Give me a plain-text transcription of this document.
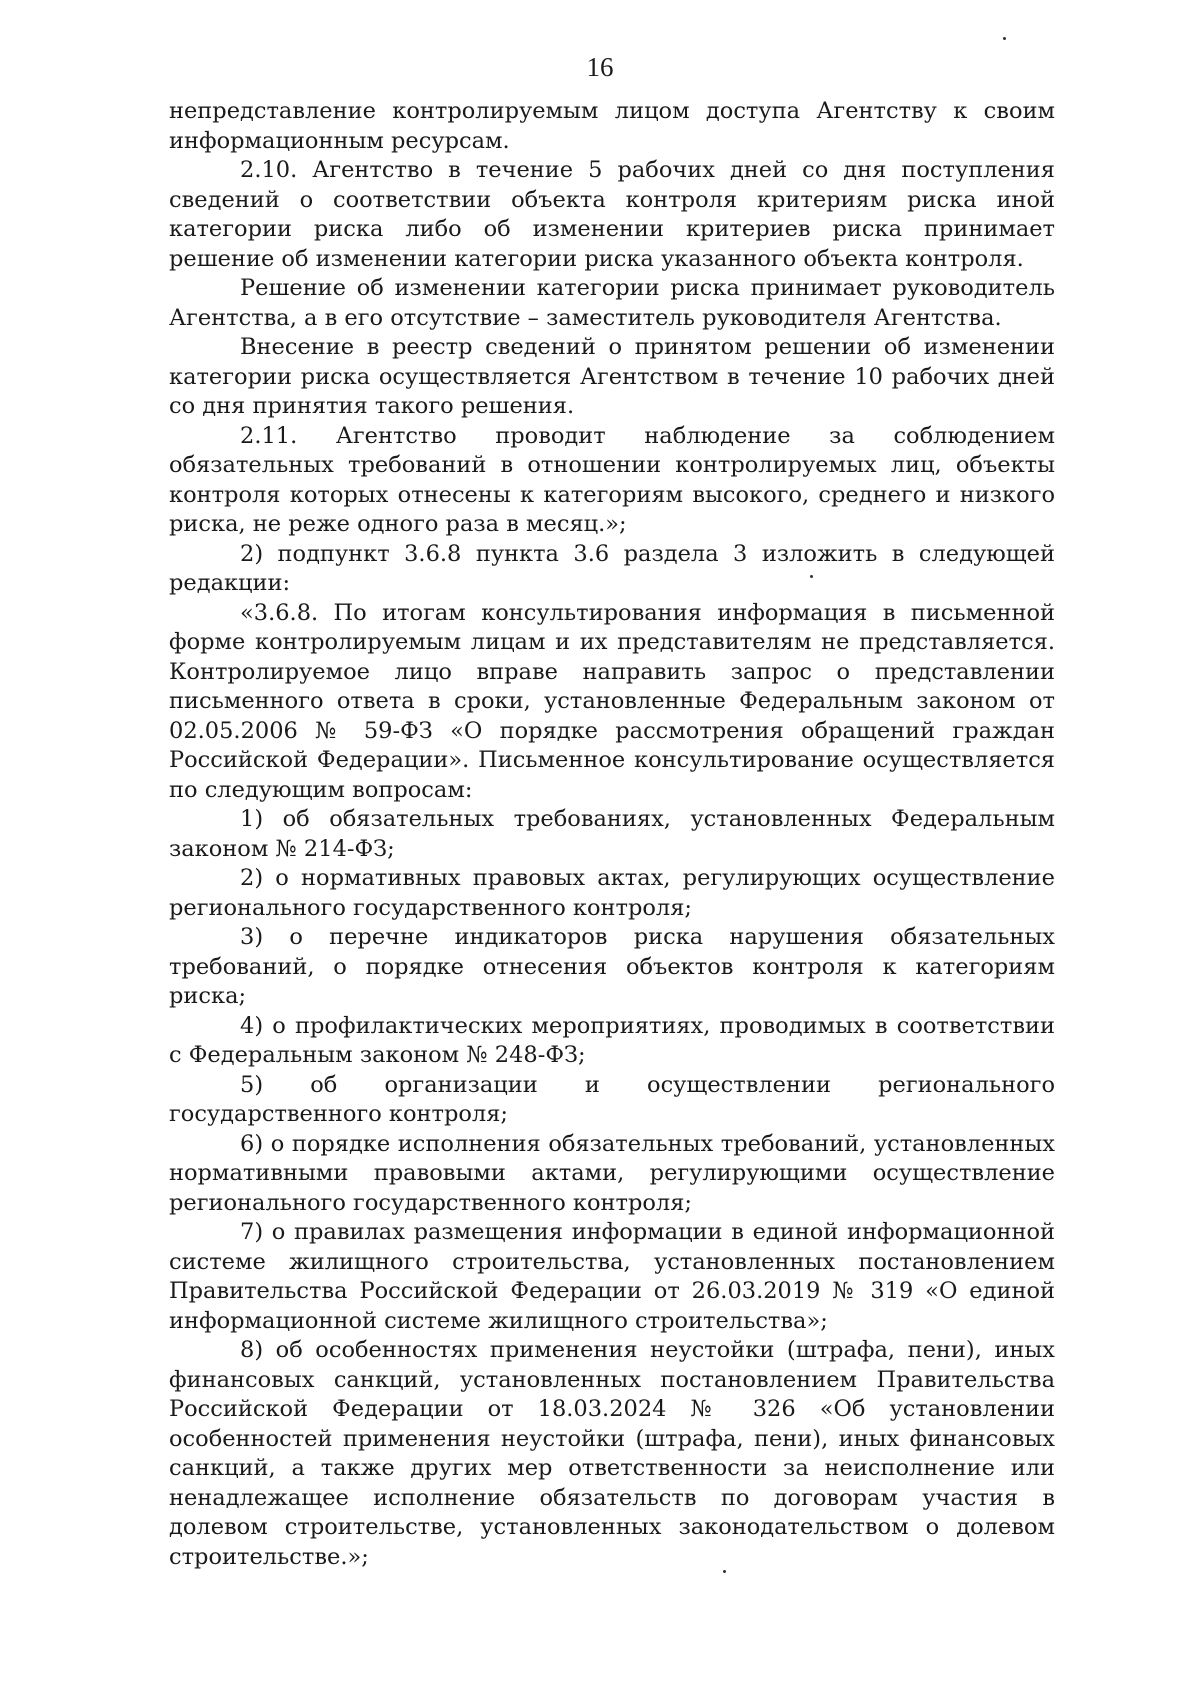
16

непредставление контролируемым лицом доступа Агентству к своим информационным ресурсам.

2.10. Агентство в течение 5 рабочих дней со дня поступления сведений о соответствии объекта контроля критериям риска иной категории риска либо об изменении критериев риска принимает решение об изменении категории риска указанного объекта контроля.

Решение об изменении категории риска принимает руководитель Агентства, а в его отсутствие – заместитель руководителя Агентства.

Внесение в реестр сведений о принятом решении об изменении категории риска осуществляется Агентством в течение 10 рабочих дней со дня принятия такого решения.

2.11. Агентство проводит наблюдение за соблюдением обязательных требований в отношении контролируемых лиц, объекты контроля которых отнесены к категориям высокого, среднего и низкого риска, не реже одного раза в месяц.»;

2) подпункт 3.6.8 пункта 3.6 раздела 3 изложить в следующей редакции:

«3.6.8. По итогам консультирования информация в письменной форме контролируемым лицам и их представителям не представляется. Контролируемое лицо вправе направить запрос о представлении письменного ответа в сроки, установленные Федеральным законом от 02.05.2006 № 59-ФЗ «О порядке рассмотрения обращений граждан Российской Федерации». Письменное консультирование осуществляется по следующим вопросам:

1) об обязательных требованиях, установленных Федеральным законом № 214-ФЗ;

2) о нормативных правовых актах, регулирующих осуществление регионального государственного контроля;

3) о перечне индикаторов риска нарушения обязательных требований, о порядке отнесения объектов контроля к категориям риска;

4) о профилактических мероприятиях, проводимых в соответствии с Федеральным законом № 248-ФЗ;

5) об организации и осуществлении регионального государственного контроля;

6) о порядке исполнения обязательных требований, установленных нормативными правовыми актами, регулирующими осуществление регионального государственного контроля;

7) о правилах размещения информации в единой информационной системе жилищного строительства, установленных постановлением Правительства Российской Федерации от 26.03.2019 № 319 «О единой информационной системе жилищного строительства»;

8) об особенностях применения неустойки (штрафа, пени), иных финансовых санкций, установленных постановлением Правительства Российской Федерации от 18.03.2024 № 326 «Об установлении особенностей применения неустойки (штрафа, пени), иных финансовых санкций, а также других мер ответственности за неисполнение или ненадлежащее исполнение обязательств по договорам участия в долевом строительстве, установленных законодательством о долевом строительстве.»;
